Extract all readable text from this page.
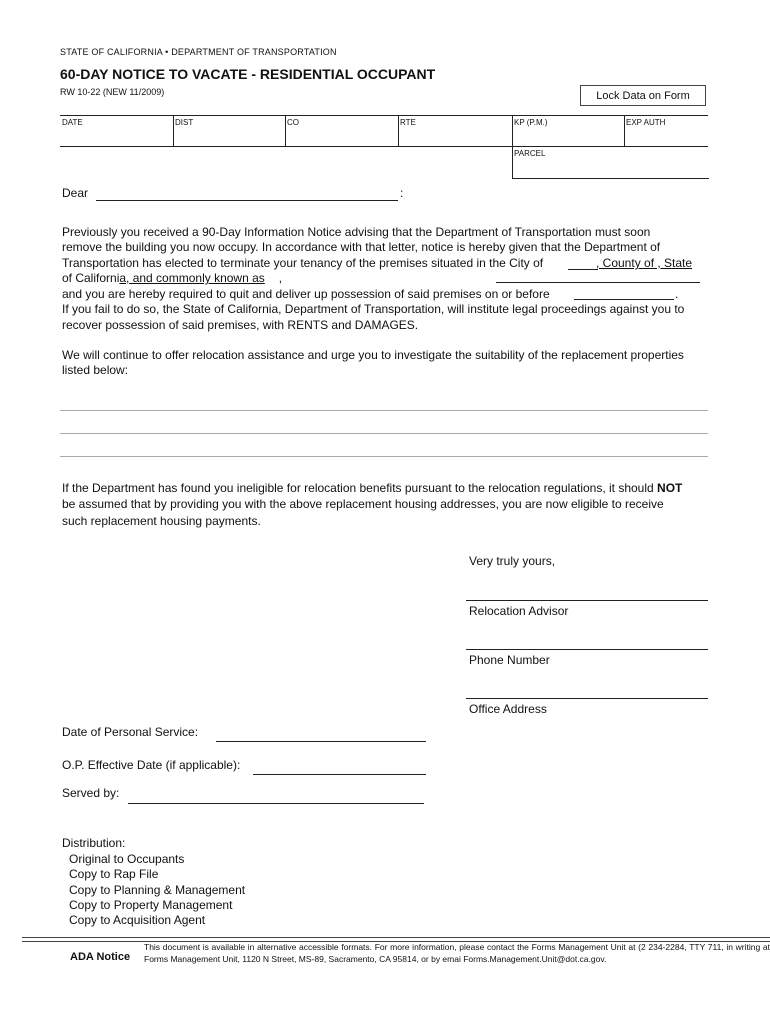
STATE OF CALIFORNIA • DEPARTMENT OF TRANSPORTATION
60-DAY NOTICE TO VACATE - RESIDENTIAL OCCUPANT
RW 10-22 (NEW 11/2009)	Lock Data on Form
DATE	DIST	CO	RTE	KP (P.M.)	EXP AUTH
PARCEL
Dear	:
Previously you received a 90-Day Information Notice advising that the Department of Transportation must soon
remove the building you now occupy. In accordance with that letter, notice is hereby given that the Department of
Transportation has elected to terminate your tenancy of the premises situated in the City of	, County of , State
of California, and commonly known as ,
and you are hereby required to quit and deliver up possession of said premises on or before	.
If you fail to do so, the State of California, Department of Transportation, will institute legal proceedings against you to
recover possession of said premises, with RENTS and DAMAGES.
We will continue to offer relocation assistance and urge you to investigate the suitability of the replacement properties
listed below:
If the Department has found you ineligible for relocation benefits pursuant to the relocation regulations, it should NOT
be assumed that by providing you with the above replacement housing addresses, you are now eligible to receive
such replacement housing payments.
Very truly yours,
Relocation Advisor
Phone Number
Office Address
Date of Personal Service:
O.P. Effective Date (if applicable):
Served by:
Distribution:
Original to Occupants
Copy to Rap File
Copy to Planning & Management
Copy to Property Management
Copy to Acquisition Agent
ADA Notice
This document is available in alternative accessible formats. For more information, please contact the Forms Management Unit at (2 234-2284, TTY 711, in writing at Forms Management Unit, 1120 N Street, MS-89, Sacramento, CA 95814, or by emai Forms.Management.Unit@dot.ca.gov.
